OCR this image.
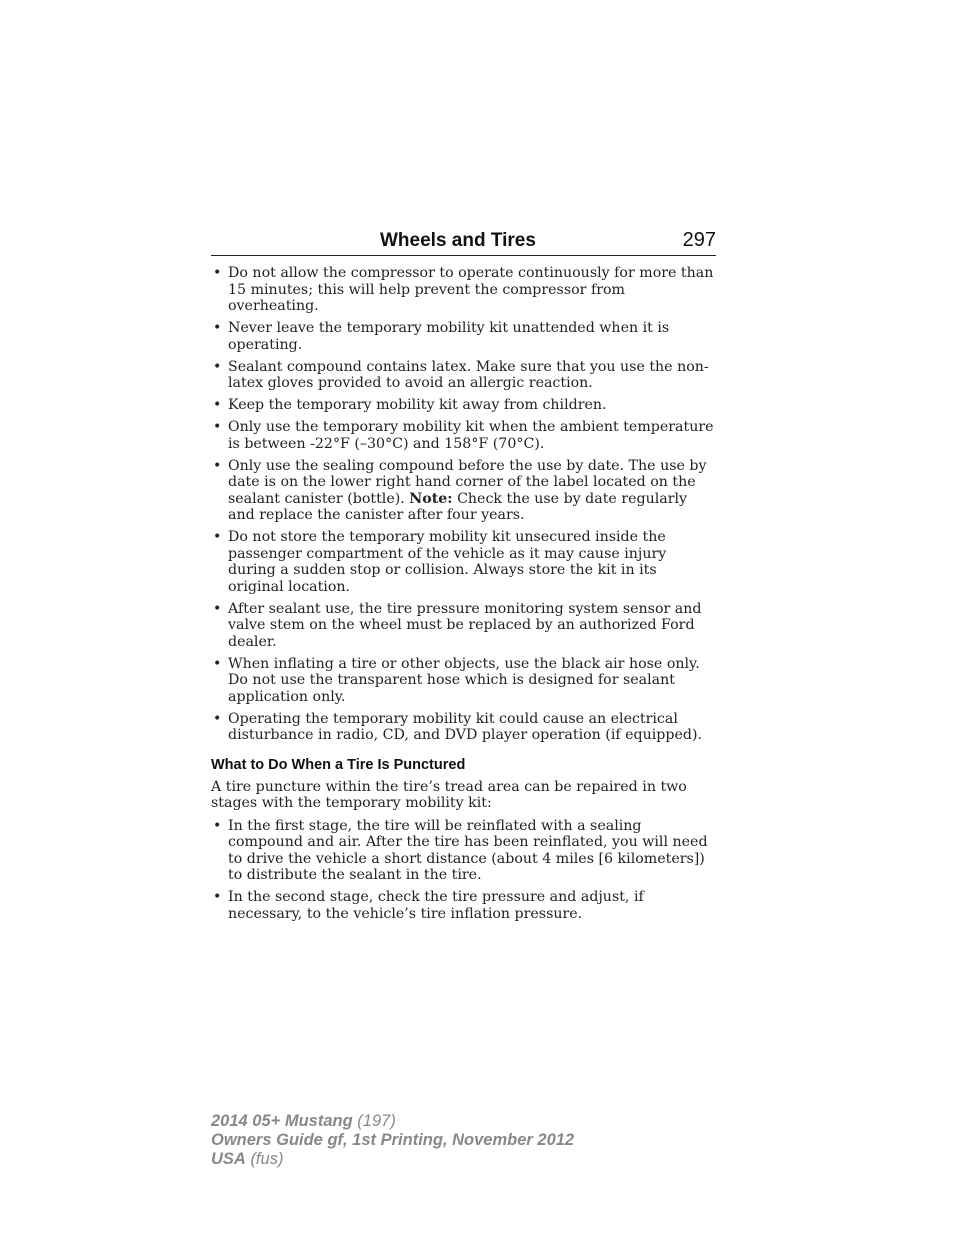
Wheels and Tires	297
• Do not allow the compressor to operate continuously for more than 15 minutes; this will help prevent the compressor from overheating.
• Never leave the temporary mobility kit unattended when it is operating.
• Sealant compound contains latex. Make sure that you use the non-latex gloves provided to avoid an allergic reaction.
• Keep the temporary mobility kit away from children.
• Only use the temporary mobility kit when the ambient temperature is between -22°F (–30°C) and 158°F (70°C).
• Only use the sealing compound before the use by date. The use by date is on the lower right hand corner of the label located on the sealant canister (bottle). Note: Check the use by date regularly and replace the canister after four years.
• Do not store the temporary mobility kit unsecured inside the passenger compartment of the vehicle as it may cause injury during a sudden stop or collision. Always store the kit in its original location.
• After sealant use, the tire pressure monitoring system sensor and valve stem on the wheel must be replaced by an authorized Ford dealer.
• When inflating a tire or other objects, use the black air hose only. Do not use the transparent hose which is designed for sealant application only.
• Operating the temporary mobility kit could cause an electrical disturbance in radio, CD, and DVD player operation (if equipped).
What to Do When a Tire Is Punctured

A tire puncture within the tire’s tread area can be repaired in two stages with the temporary mobility kit:

• In the first stage, the tire will be reinflated with a sealing compound and air. After the tire has been reinflated, you will need to drive the vehicle a short distance (about 4 miles [6 kilometers]) to distribute the sealant in the tire.
• In the second stage, check the tire pressure and adjust, if necessary, to the vehicle’s tire inflation pressure.
2014 05+ Mustang (197)
Owners Guide gf, 1st Printing, November 2012
USA (fus)
